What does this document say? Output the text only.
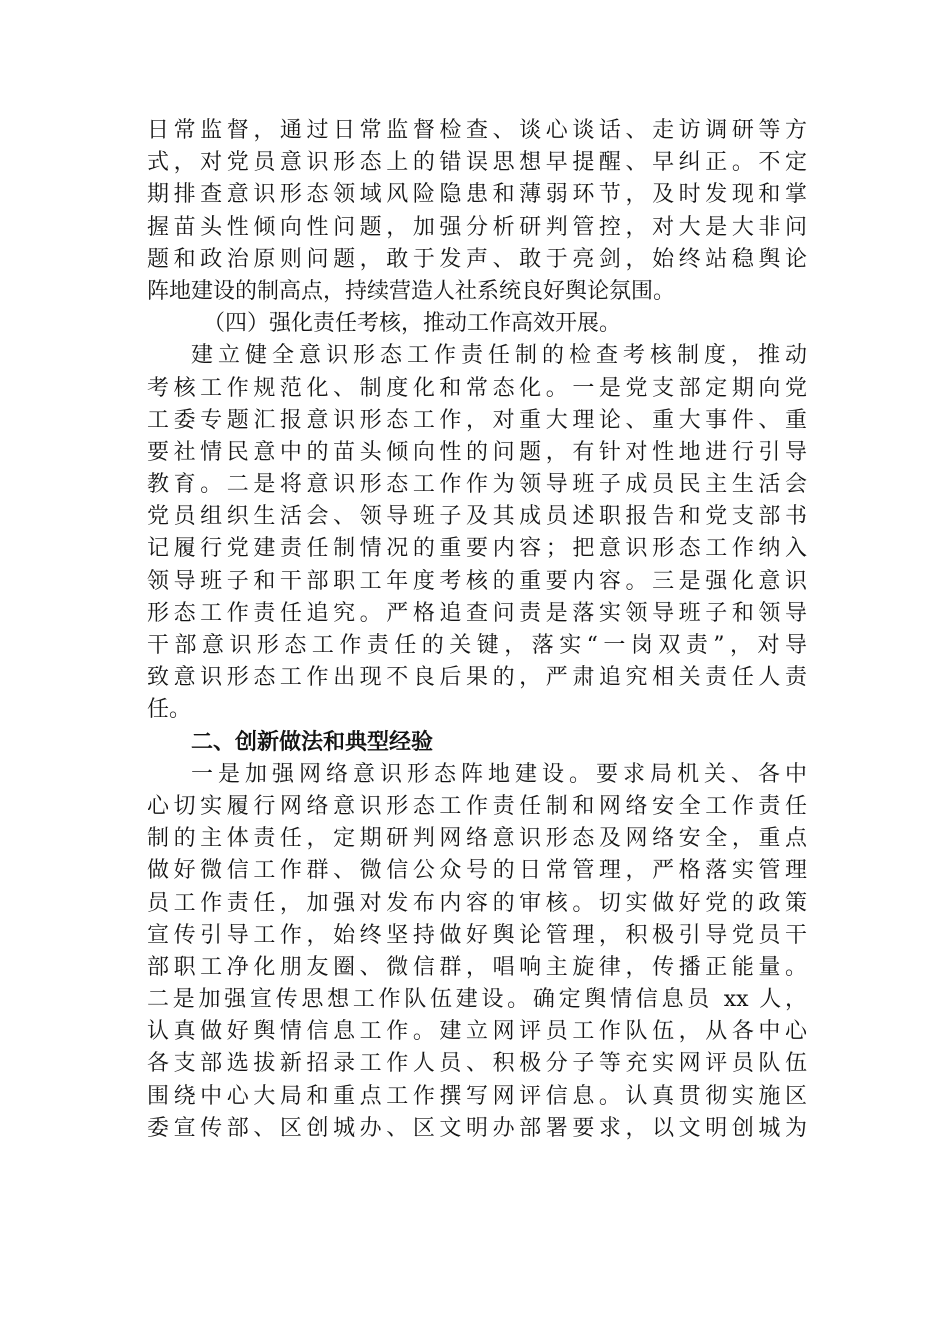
日常监督，通过日常监督检查、谈心谈话、走访调研等方
式，对党员意识形态上的错误思想早提醒、早纠正。不定
期排查意识形态领域风险隐患和薄弱环节，及时发现和掌
握苗头性倾向性问题，加强分析研判管控，对大是大非问
题和政治原则问题，敢于发声、敢于亮剑，始终站稳舆论
阵地建设的制高点，持续营造人社系统良好舆论氛围。
（四）强化责任考核，推动工作高效开展。
建立健全意识形态工作责任制的检查考核制度，推动
考核工作规范化、制度化和常态化。一是党支部定期向党
工委专题汇报意识形态工作，对重大理论、重大事件、重
要社情民意中的苗头倾向性的问题，有针对性地进行引导
教育。二是将意识形态工作作为领导班子成员民主生活会
党员组织生活会、领导班子及其成员述职报告和党支部书
记履行党建责任制情况的重要内容；把意识形态工作纳入
领导班子和干部职工年度考核的重要内容。三是强化意识
形态工作责任追究。严格追查问责是落实领导班子和领导
干部意识形态工作责任的关键，落实“一岗双责”，对导
致意识形态工作出现不良后果的，严肃追究相关责任人责
任。
二、创新做法和典型经验
一是加强网络意识形态阵地建设。要求局机关、各中
心切实履行网络意识形态工作责任制和网络安全工作责任
制的主体责任，定期研判网络意识形态及网络安全，重点
做好微信工作群、微信公众号的日常管理，严格落实管理
员工作责任，加强对发布内容的审核。切实做好党的政策
宣传引导工作，始终坚持做好舆论管理，积极引导党员干
部职工净化朋友圈、微信群，唱响主旋律，传播正能量。
二是加强宣传思想工作队伍建设。确定舆情信息员 xx 人，
认真做好舆情信息工作。建立网评员工作队伍，从各中心
各支部选拔新招录工作人员、积极分子等充实网评员队伍
围绕中心大局和重点工作撰写网评信息。认真贯彻实施区
委宣传部、区创城办、区文明办部署要求，以文明创城为
